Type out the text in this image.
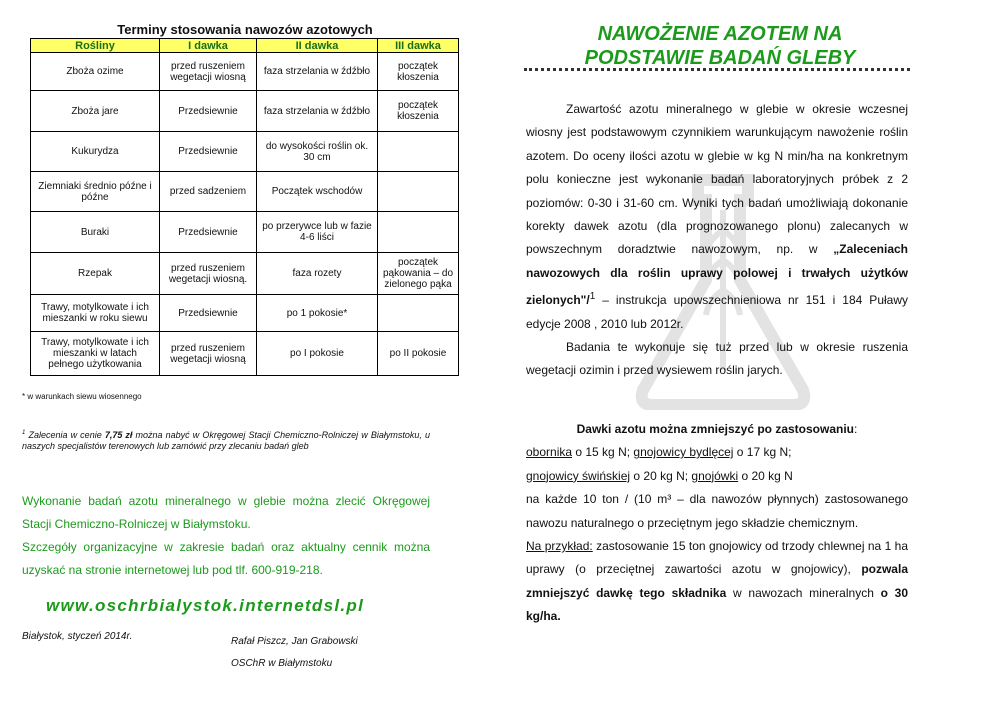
Terminy stosowania nawozów azotowych
Rośliny	I dawka	II dawka	III dawka
Zboża ozime	przed ruszeniem wegetacji wiosną	faza strzelania w źdźbło	początek kłoszenia
Zboża jare	Przedsiewnie	faza strzelania w źdźbło	początek kłoszenia
Kukurydza	Przedsiewnie	do wysokości roślin ok. 30 cm	
Ziemniaki średnio późne i późne	przed sadzeniem	Początek wschodów	
Buraki	Przedsiewnie	po przerywce lub w fazie 4-6 liści	
Rzepak	przed ruszeniem wegetacji wiosną.	faza rozety	początek pąkowania – do zielonego pąka
Trawy, motylkowate i ich mieszanki w roku siewu	Przedsiewnie	po 1 pokosie*	
Trawy, motylkowate i ich mieszanki w latach pełnego użytkowania	przed ruszeniem wegetacji wiosną	po I pokosie	po II pokosie
* w warunkach siewu wiosennego
$^1$ Zalecenia w cenie 7,75 zł można nabyć w Okręgowej Stacji Chemiczno-Rolniczej w Białymstoku, u naszych specjalistów terenowych lub zamówić przy zlecaniu badań gleb

Wykonanie badań azotu mineralnego w glebie można zlecić Okręgowej Stacji Chemiczno-Rolniczej w Białymstoku.

Szczegóły organizacyjne w zakresie badań oraz aktualny cennik można uzyskać na stronie internetowej lub pod tlf. 600-919-218.

www.oschrbialystok.internetdsl.pl
Białystok, styczeń 2014r.	Rafał Piszcz, Jan Grabowski
OSChR w Białymstoku
NAWOŻENIE AZOTEM NA
PODSTAWIE BADAŃ GLEBY

Zawartość azotu mineralnego w glebie w okresie wczesnej wiosny jest podstawowym czynnikiem warunkującym nawożenie roślin azotem. Do oceny ilości azotu w glebie w kg N min/ha na konkretnym polu konieczne jest wykonanie badań laboratoryjnych próbek z 2 poziomów: 0-30 i 31-60 cm. Wyniki tych badań umożliwiają dokonanie korekty dawek azotu (dla prognozowanego plonu) zalecanych w powszechnym doradztwie nawozowym, np. w „Zaleceniach nawozowych dla roślin uprawy polowej i trwałych użytków zielonych"/$^1$ – instrukcja upowszechnieniowa nr 151 i 184 Puławy edycje 2008 , 2010 lub 2012r.

Badania te wykonuje się tuż przed lub w okresie ruszenia wegetacji ozimin i przed wysiewem roślin jarych.

Dawki azotu można zmniejszyć po zastosowaniu:

obornika o 15 kg N; gnojowicy bydlęcej o 17 kg N;

gnojowicy świńskiej o 20 kg N; gnojówki o 20 kg N

na każde 10 ton / (10 m³ – dla nawozów płynnych) zastosowanego nawozu naturalnego o przeciętnym jego składzie chemicznym.

Na przykład: zastosowanie 15 ton gnojowicy od trzody chlewnej na 1 ha uprawy (o przeciętnej zawartości azotu w gnojowicy), pozwala zmniejszyć dawkę tego składnika w nawozach mineralnych o 30 kg/ha.
